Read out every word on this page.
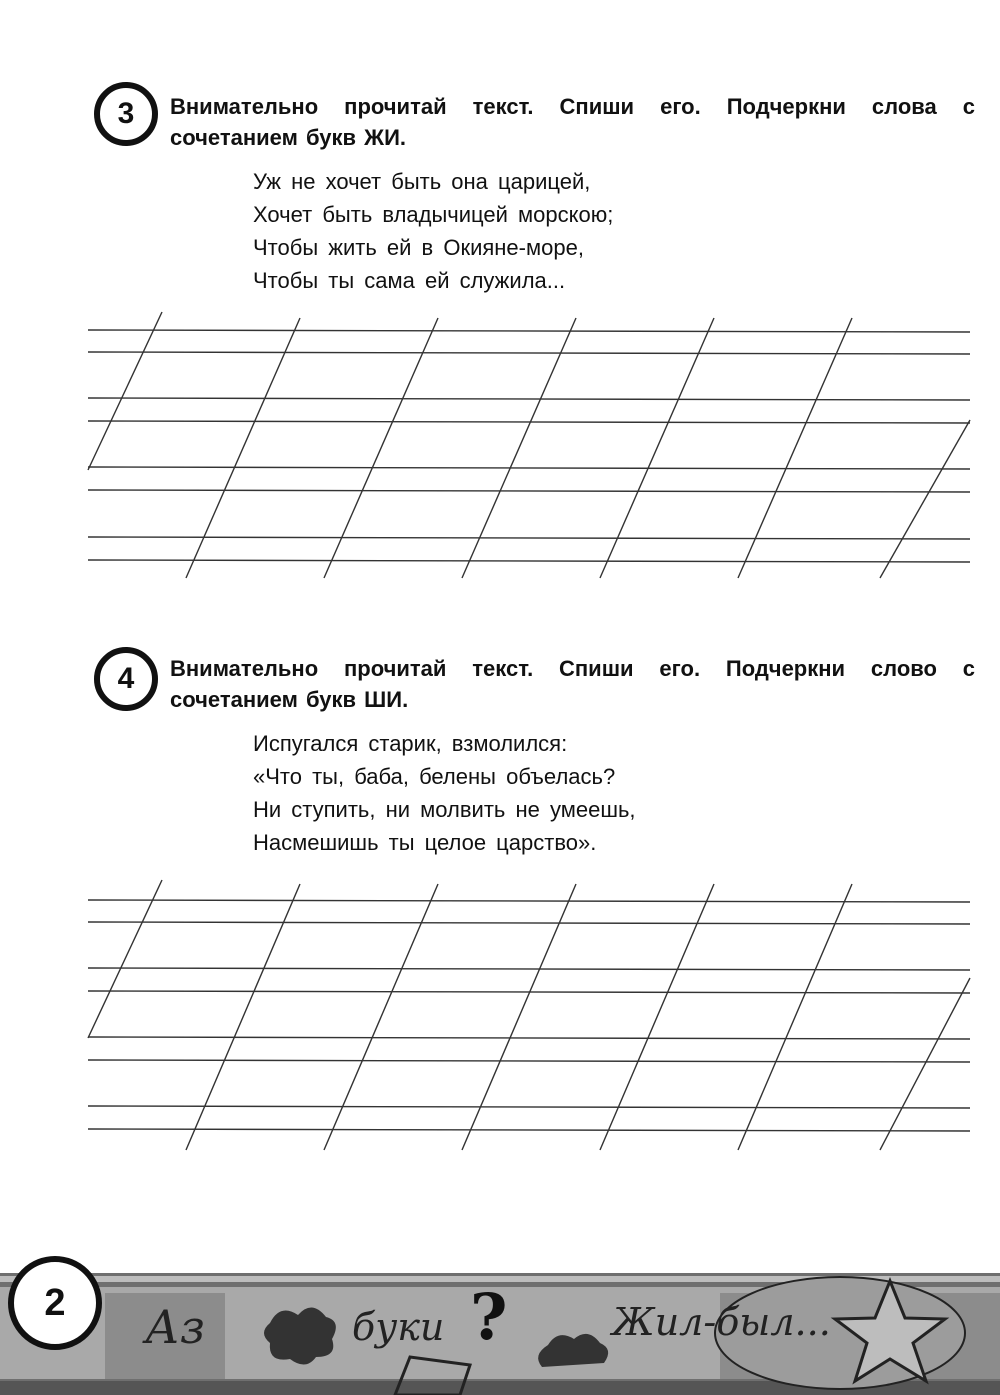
3 Внимательно прочитай текст. Спиши его. Подчеркни слова с сочетанием букв ЖИ.
Уж не хочет быть она царицей,
Хочет быть владычицей морскою;
Чтобы жить ей в Окияне-море,
Чтобы ты сама ей служила...
4 Внимательно прочитай текст. Спиши его. Подчеркни слово с сочетанием букв ШИ.
Испугался старик, взмолился:
«Что ты, баба, белены объелась?
Ни ступить, ни молвить не умеешь,
Насмешишь ты целое царство».
2 Аз	буки ?	Жил-был...
